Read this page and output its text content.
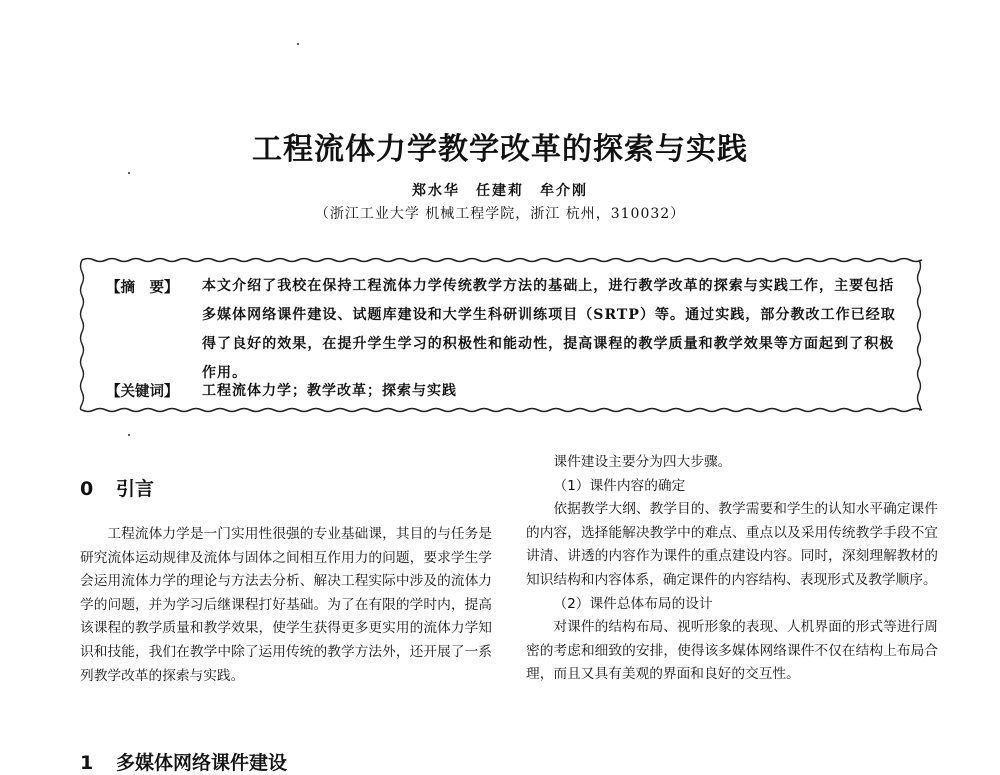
工程流体力学教学改革的探索与实践
郑水华　任建莉　牟介刚
（浙江工业大学 机械工程学院，浙江 杭州，310032）
【摘　要】	本文介绍了我校在保持工程流体力学传统教学方法的基础上，进行教学改革的探索与实践工作，主要包括多媒体网络课件建设、试题库建设和大学生科研训练项目（SRTP）等。通过实践，部分教改工作已经取得了良好的效果，在提升学生学习的积极性和能动性，提高课程的教学质量和教学效果等方面起到了积极作用。
【关键词】	工程流体力学；教学改革；探索与实践
0 引言

工程流体力学是一门实用性很强的专业基础课，其目的与任务是研究流体运动规律及流体与固体之间相互作用力的问题，要求学生学会运用流体力学的理论与方法去分析、解决工程实际中涉及的流体力学的问题，并为学习后继课程打好基础。为了在有限的学时内，提高该课程的教学质量和教学效果，使学生获得更多更实用的流体力学知识和技能，我们在教学中除了运用传统的教学方法外，还开展了一系列教学改革的探索与实践。

1 多媒体网络课件建设

课件建设主要分为四大步骤。

（1）课件内容的确定

依据教学大纲、教学目的、教学需要和学生的认知水平确定课件的内容，选择能解决教学中的难点、重点以及采用传统教学手段不宜讲清、讲透的内容作为课件的重点建设内容。同时，深刻理解教材的知识结构和内容体系，确定课件的内容结构、表现形式及教学顺序。

（2）课件总体布局的设计

对课件的结构布局、视听形象的表现、人机界面的形式等进行周密的考虑和细致的安排，使得该多媒体网络课件不仅在结构上布局合理，而且又具有美观的界面和良好的交互性。
